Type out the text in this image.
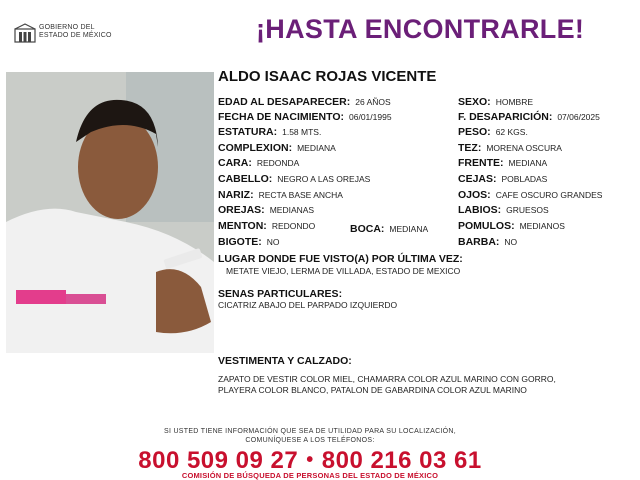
GOBIERNO DEL
ESTADO DE MÉXICO	¡HASTA ENCONTRARLE!
ALDO ISAAC ROJAS VICENTE
EDAD AL DESAPARECER: 26 AÑOS
FECHA DE NACIMIENTO: 06/01/1995
ESTATURA: 1.58 MTS.
COMPLEXION: MEDIANA
CARA: REDONDA
CABELLO: NEGRO A LAS OREJAS
NARIZ: RECTA BASE ANCHA
OREJAS: MEDIANAS
MENTON: REDONDO
BIGOTE: NO
BOCA: MEDIANA
SEXO: HOMBRE
F. DESAPARICIÓN: 07/06/2025
PESO: 62 KGS.
TEZ: MORENA OSCURA
FRENTE: MEDIANA
CEJAS: POBLADAS
OJOS: CAFE OSCURO GRANDES
LABIOS: GRUESOS
POMULOS: MEDIANOS
BARBA: NO
LUGAR DONDE FUE VISTO(A) POR ÚLTIMA VEZ:
METATE VIEJO, LERMA DE VILLADA, ESTADO DE MEXICO
SENAS PARTICULARES:
CICATRIZ ABAJO DEL PARPADO IZQUIERDO
VESTIMENTA Y CALZADO:
ZAPATO DE VESTIR COLOR MIEL, CHAMARRA COLOR AZUL MARINO CON GORRO,
PLAYERA COLOR BLANCO, PATALON DE GABARDINA COLOR AZUL MARINO
SI USTED TIENE INFORMACIÓN QUE SEA DE UTILIDAD PARA SU LOCALIZACIÓN,
COMUNÍQUESE A LOS TELÉFONOS:
800 509 09 27 • 800 216 03 61
COMISIÓN DE BÚSQUEDA DE PERSONAS DEL ESTADO DE MÉXICO
